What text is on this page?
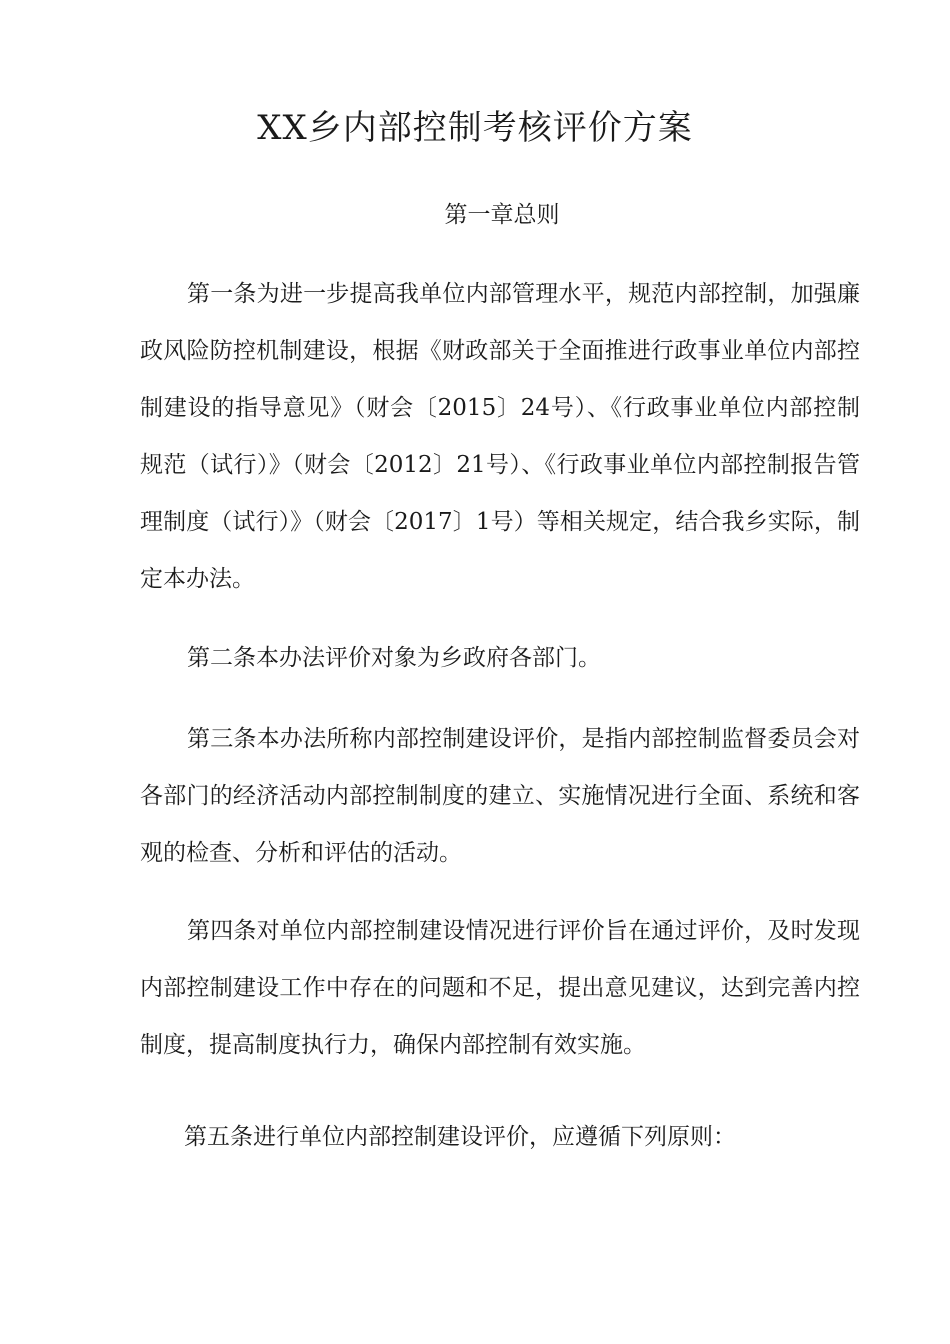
XX乡内部控制考核评价方案
第一章总则

第一条为进一步提高我单位内部管理水平，规范内部控制，加强廉政风险防控机制建设，根据《财政部关于全面推进行政事业单位内部控制建设的指导意见》（财会〔2015〕24号）、《行政事业单位内部控制规范（试行）》（财会〔2012〕21号）、《行政事业单位内部控制报告管理制度（试行）》（财会〔2017〕1号）等相关规定，结合我乡实际，制定本办法。

第二条本办法评价对象为乡政府各部门。

第三条本办法所称内部控制建设评价，是指内部控制监督委员会对各部门的经济活动内部控制制度的建立、实施情况进行全面、系统和客观的检查、分析和评估的活动。

第四条对单位内部控制建设情况进行评价旨在通过评价，及时发现内部控制建设工作中存在的问题和不足，提出意见建议，达到完善内控制度，提高制度执行力，确保内部控制有效实施。

第五条进行单位内部控制建设评价，应遵循下列原则：
